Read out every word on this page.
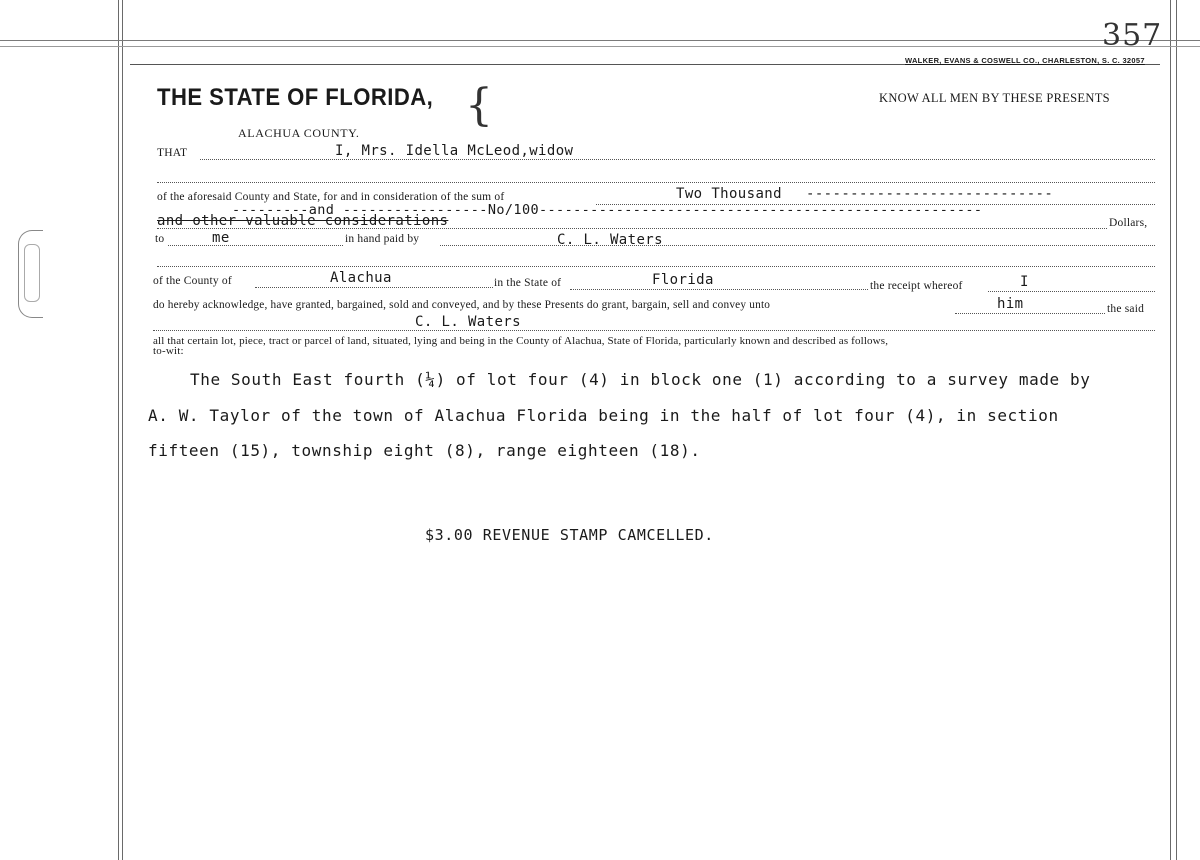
357
WALKER, EVANS & COSWELL CO., CHARLESTON, S. C. 32057
THE STATE OF FLORIDA, {
ALACHUA COUNTY.
KNOW ALL MEN BY THESE PRESENTS
THAT	I, Mrs. Idella McLeod,widow
of the aforesaid County and State, for and in consideration of the sum of	Two Thousand ----------------------------
---------and -----------------No/100----------------------------------------------------
and other valuable considerations	Dollars,
to	me	in hand paid by	C. L. Waters
of the County of	Alachua	in the State of	Florida	the receipt whereof	I
do hereby acknowledge, have granted, bargained, sold and conveyed, and by these Presents do grant, bargain, sell and convey unto	him	the said
C. L. Waters
all that certain lot, piece, tract or parcel of land, situated, lying and being in the County of Alachua, State of Florida, particularly known and described as follows,
to-wit:
The South East fourth (¼) of lot four (4) in block one (1) according to a survey made by
A. W. Taylor of the town of Alachua Florida being in the half of lot four (4), in section
fifteen (15), township eight (8), range eighteen (18).
$3.00 REVENUE STAMP CAMCELLED.
